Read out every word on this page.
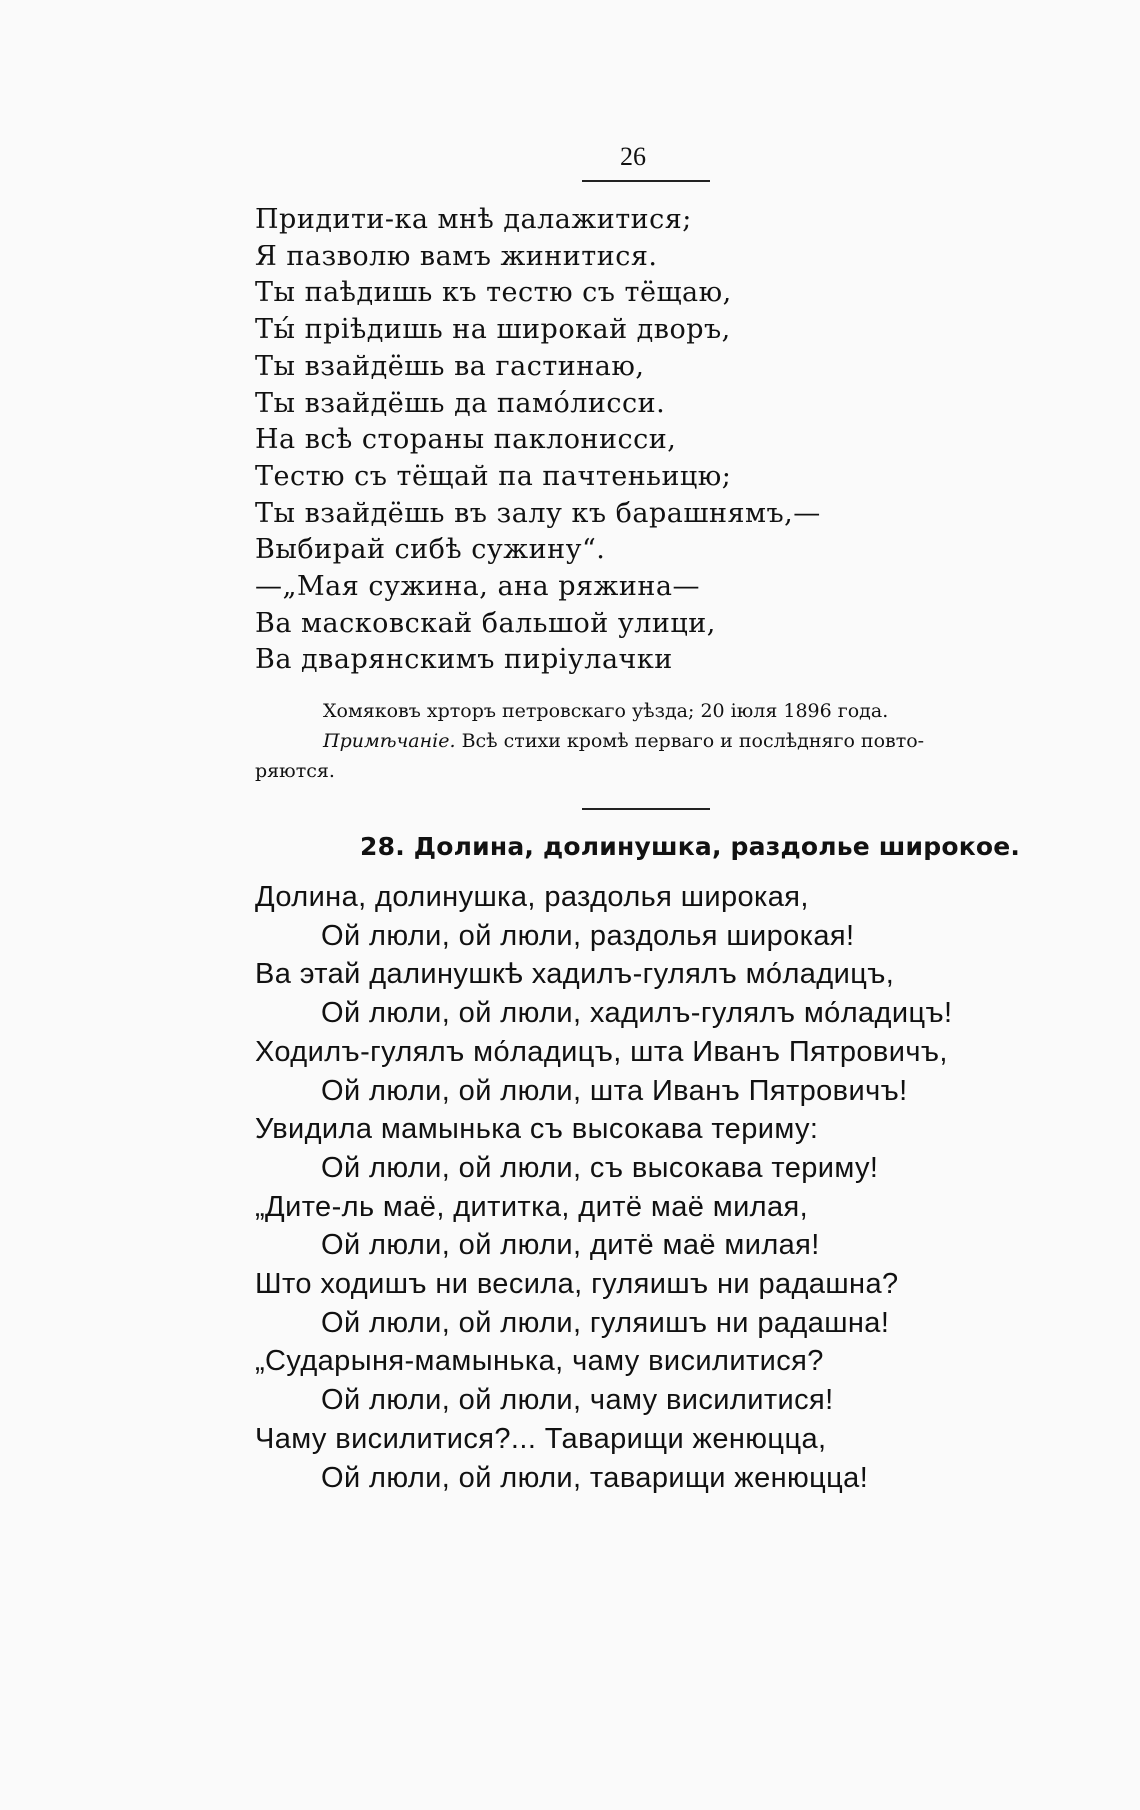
26
Придити-ка мнѣ далажитися;
Я пазволю вамъ жинитися.
Ты паѣдишь къ тестю съ тёщаю,
Ты́ прiѣдишь на широкай дворъ,
Ты взайдёшь ва гастинаю,
Ты взайдёшь да памо́лисси.
На всѣ стораны паклонисси,
Тестю съ тёщай па пачтеньицю;
Ты взайдёшь въ залу къ барашнямъ,—
Выбирай сибѣ сужину“.
—„Мая сужина, ана ряжина—
Ва масковскай бальшой улици,
Ва дварянскимъ пирiулачки
Хомяковъ хрторъ петровскаго уѣзда; 20 iюля 1896 года.
Примѣчанiе. Всѣ стихи кромѣ перваго и послѣдняго повто-
ряются.
28. Долина, долинушка, раздолье широкое.
Долина, долинушка, раздолья широкая,
Ой люли, ой люли, раздолья широкая!
Ва этай далинушкѣ хадилъ-гулялъ мо́ладицъ,
Ой люли, ой люли, хадилъ-гулялъ мо́ладицъ!
Ходилъ-гулялъ мо́ладицъ, шта Иванъ Пятровичъ,
Ой люли, ой люли, шта Иванъ Пятровичъ!
Увидила мамынька съ высокава териму:
Ой люли, ой люли, съ высокава териму!
„Дите-ль маё, дититка, дитё маё милая,
Ой люли, ой люли, дитё маё милая!
Што ходишъ ни весила, гуляишъ ни радашна?
Ой люли, ой люли, гуляишъ ни радашна!
„Сударыня-мамынька, чаму висилитися?
Ой люли, ой люли, чаму висилитися!
Чаму висилитися?... Таварищи женюцца,
Ой люли, ой люли, таварищи женюцца!
